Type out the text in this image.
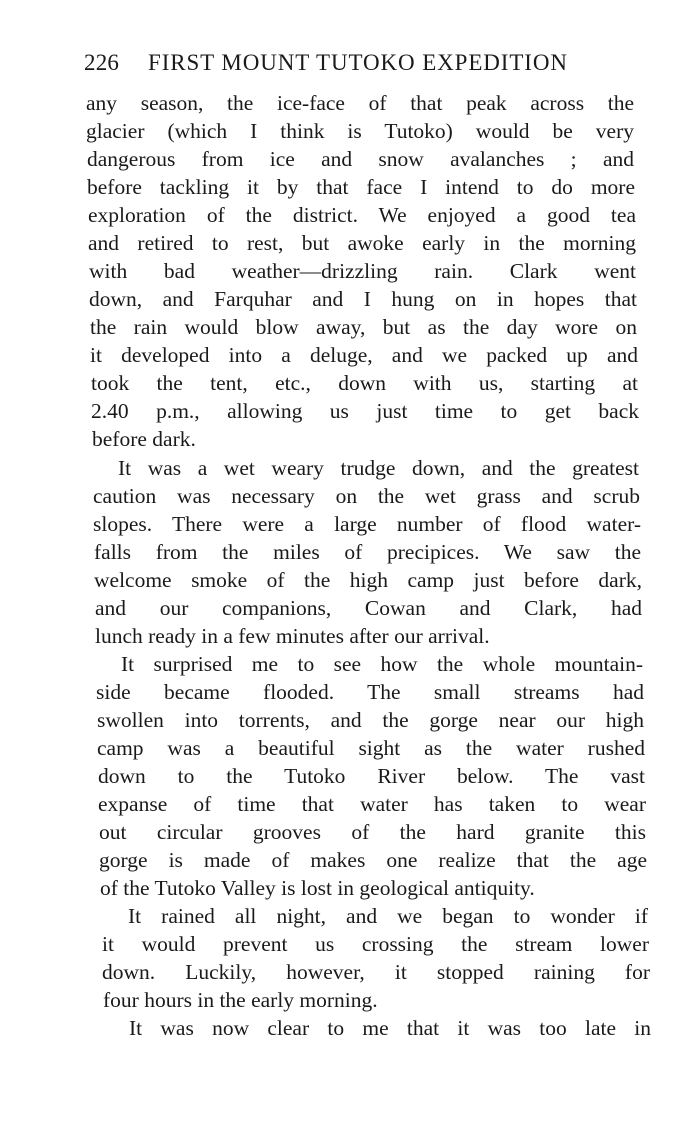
226 FIRST MOUNT TUTOKO EXPEDITION
any season, the ice-face of that peak across the
glacier (which I think is Tutoko) would be very
dangerous from ice and snow avalanches ; and
before tackling it by that face I intend to do more
exploration of the district. We enjoyed a good tea
and retired to rest, but awoke early in the morning
with bad weather—drizzling rain. Clark went
down, and Farquhar and I hung on in hopes that
the rain would blow away, but as the day wore on
it developed into a deluge, and we packed up and
took the tent, etc., down with us, starting at
2.40 p.m., allowing us just time to get back
before dark.
It was a wet weary trudge down, and the greatest
caution was necessary on the wet grass and scrub
slopes. There were a large number of flood water-
falls from the miles of precipices. We saw the
welcome smoke of the high camp just before dark,
and our companions, Cowan and Clark, had
lunch ready in a few minutes after our arrival.
It surprised me to see how the whole mountain-
side became flooded. The small streams had
swollen into torrents, and the gorge near our high
camp was a beautiful sight as the water rushed
down to the Tutoko River below. The vast
expanse of time that water has taken to wear
out circular grooves of the hard granite this
gorge is made of makes one realize that the age
of the Tutoko Valley is lost in geological antiquity.
It rained all night, and we began to wonder if
it would prevent us crossing the stream lower
down. Luckily, however, it stopped raining for
four hours in the early morning.
It was now clear to me that it was too late in
